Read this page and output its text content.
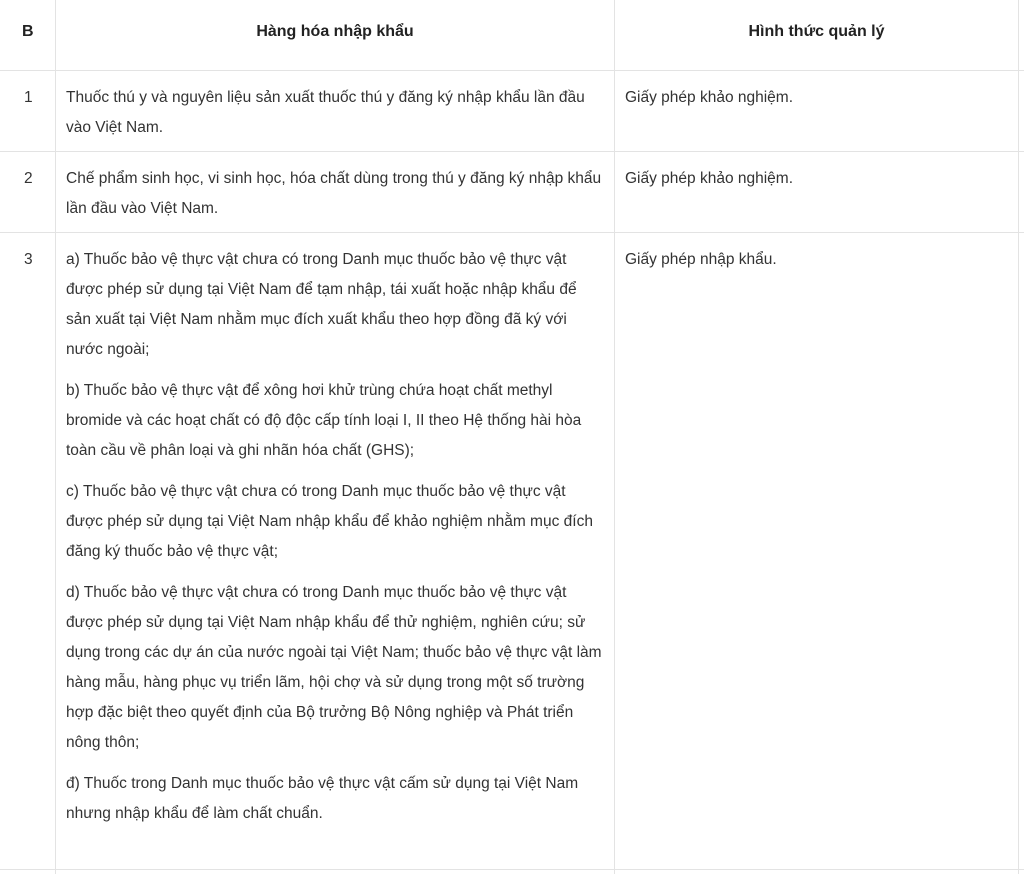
B	Hàng hóa nhập khẩu	Hình thức quản lý
1 Thuốc thú y và nguyên liệu sản xuất thuốc thú y đăng ký nhập khẩu lần đầu vào Việt Nam.

Giấy phép khảo nghiệm.
2 Chế phẩm sinh học, vi sinh học, hóa chất dùng trong thú y đăng ký nhập khẩu lần đầu vào Việt Nam.

Giấy phép khảo nghiệm.
3 a) Thuốc bảo vệ thực vật chưa có trong Danh mục thuốc bảo vệ thực vật được phép sử dụng tại Việt Nam để tạm nhập, tái xuất hoặc nhập khẩu để sản xuất tại Việt Nam nhằm mục đích xuất khẩu theo hợp đồng đã ký với nước ngoài;

b) Thuốc bảo vệ thực vật để xông hơi khử trùng chứa hoạt chất methyl bromide và các hoạt chất có độ độc cấp tính loại I, II theo Hệ thống hài hòa toàn cầu về phân loại và ghi nhãn hóa chất (GHS);

c) Thuốc bảo vệ thực vật chưa có trong Danh mục thuốc bảo vệ thực vật được phép sử dụng tại Việt Nam nhập khẩu để khảo nghiệm nhằm mục đích đăng ký thuốc bảo vệ thực vật;

d) Thuốc bảo vệ thực vật chưa có trong Danh mục thuốc bảo vệ thực vật được phép sử dụng tại Việt Nam nhập khẩu để thử nghiệm, nghiên cứu; sử dụng trong các dự án của nước ngoài tại Việt Nam; thuốc bảo vệ thực vật làm hàng mẫu, hàng phục vụ triển lãm, hội chợ và sử dụng trong một số trường hợp đặc biệt theo quyết định của Bộ trưởng Bộ Nông nghiệp và Phát triển nông thôn;

đ) Thuốc trong Danh mục thuốc bảo vệ thực vật cấm sử dụng tại Việt Nam nhưng nhập khẩu để làm chất chuẩn.

Giấy phép nhập khẩu.
